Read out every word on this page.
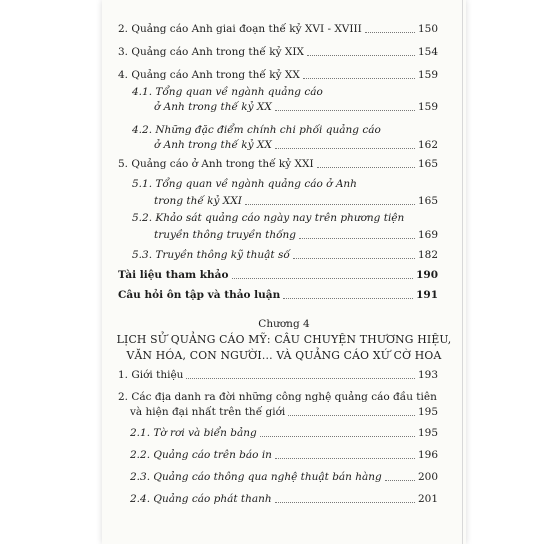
2. Quảng cáo Anh giai đoạn thế kỷ XVI - XVIII	150
3. Quảng cáo Anh trong thế kỷ XIX	154
4. Quảng cáo Anh trong thế kỷ XX	159
4.1. Tổng quan về ngành quảng cáo
ở Anh trong thế kỷ XX	159
4.2. Những đặc điểm chính chi phối quảng cáo
ở Anh trong thế kỷ XX	162
5. Quảng cáo ở Anh trong thế kỷ XXI	165
5.1. Tổng quan về ngành quảng cáo ở Anh
trong thế kỷ XXI	165
5.2. Khảo sát quảng cáo ngày nay trên phương tiện
truyền thông truyền thống	169
5.3. Truyền thông kỹ thuật số	182
Tài liệu tham khảo	190
Câu hỏi ôn tập và thảo luận	191
Chương 4
LỊCH SỬ QUẢNG CÁO MỸ: CÂU CHUYỆN THƯƠNG HIỆU,
VĂN HÓA, CON NGƯỜI... VÀ QUẢNG CÁO XỨ CỜ HOA
1. Giới thiệu	193
2. Các địa danh ra đời những công nghệ quảng cáo đầu tiên
và hiện đại nhất trên thế giới	195
2.1. Tờ rơi và biển bảng	195
2.2. Quảng cáo trên báo in	196
2.3. Quảng cáo thông qua nghệ thuật bán hàng	200
2.4. Quảng cáo phát thanh	201
